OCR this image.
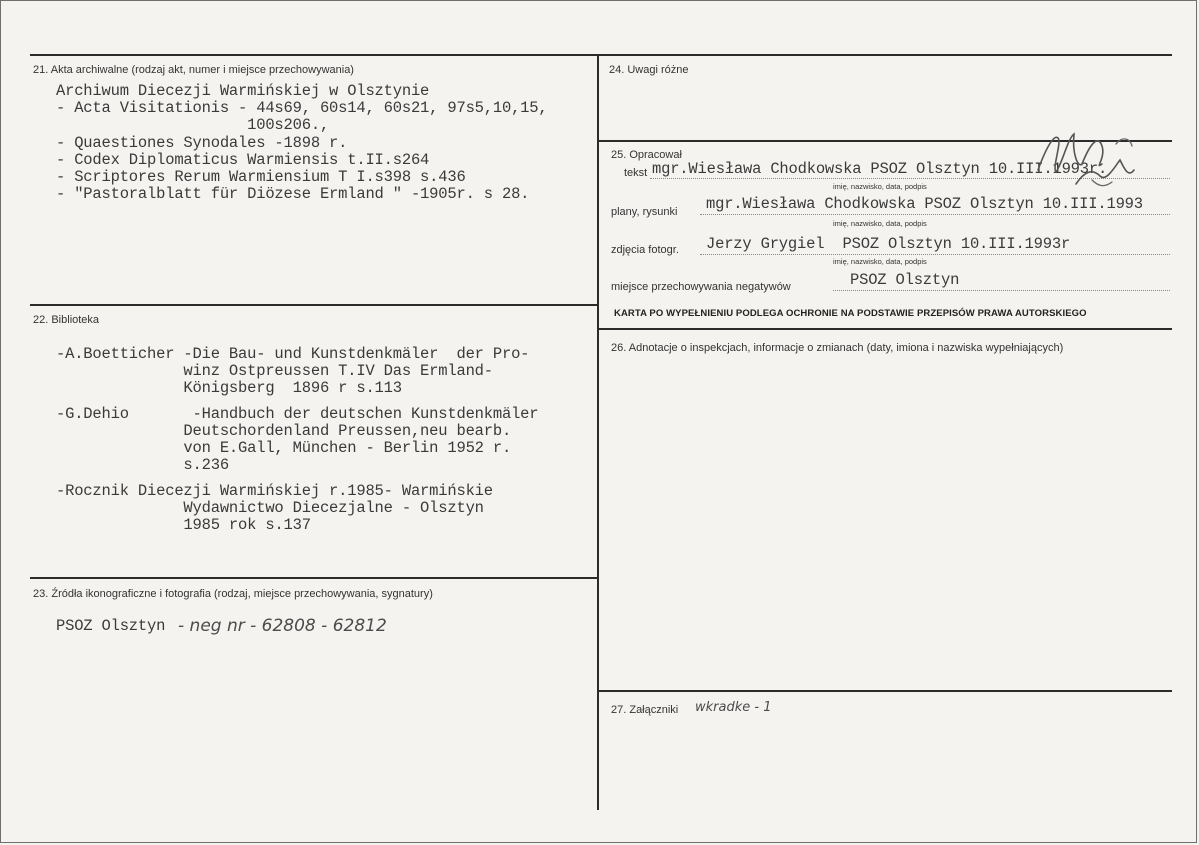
21. Akta archiwalne (rodzaj akt, numer i miejsce przechowywania)
Archiwum Diecezji Warmińskiej w Olsztynie
- Acta Visitationis - 44s69, 60s14, 60s21, 97s5,10,15,
100s206.,
- Quaestiones Synodales -1898 r.
- Codex Diplomaticus Warmiensis t.II.s264
- Scriptores Rerum Warmiensium T I.s398 s.436
- "Pastoralblatt für Diözese Ermland " -1905r. s 28.
22. Biblioteka
-A.Boetticher -Die Bau- und Kunstdenkmäler  der Pro-
winz Ostpreussen T.IV Das Ermland-
Königsberg  1896 r s.113
-G.Dehio       -Handbuch der deutschen Kunstdenkmäler
Deutschordenland Preussen,neu bearb.
von E.Gall, München - Berlin 1952 r.
s.236
-Rocznik Diecezji Warmińskiej r.1985- Warmińskie
Wydawnictwo Diecezjalne - Olsztyn
1985 rok s.137
23. Źródła ikonograficzne i fotografia (rodzaj, miejsce przechowywania, sygnatury)
PSOZ Olsztyn - neg nr - 62808 - 62812
24. Uwagi różne
25. Opracował
tekst mgr.Wiesława Chodkowska PSOZ Olsztyn 10.III.1993r.
imię, nazwisko, data, podpis
plany, rysunki mgr.Wiesława Chodkowska PSOZ Olsztyn 10.III.1993
imię, nazwisko, data, podpis
zdjęcia fotogr. Jerzy Grygiel  PSOZ Olsztyn 10.III.1993r
imię, nazwisko, data, podpis
miejsce przechowywania negatywów	PSOZ Olsztyn
KARTA PO WYPEŁNIENIU PODLEGA OCHRONIE NA PODSTAWIE PRZEPISÓW PRAWA AUTORSKIEGO
26. Adnotacje o inspekcjach, informacje o zmianach (daty, imiona i nazwiska wypełniających)
27. Załączniki wkradke - 1
